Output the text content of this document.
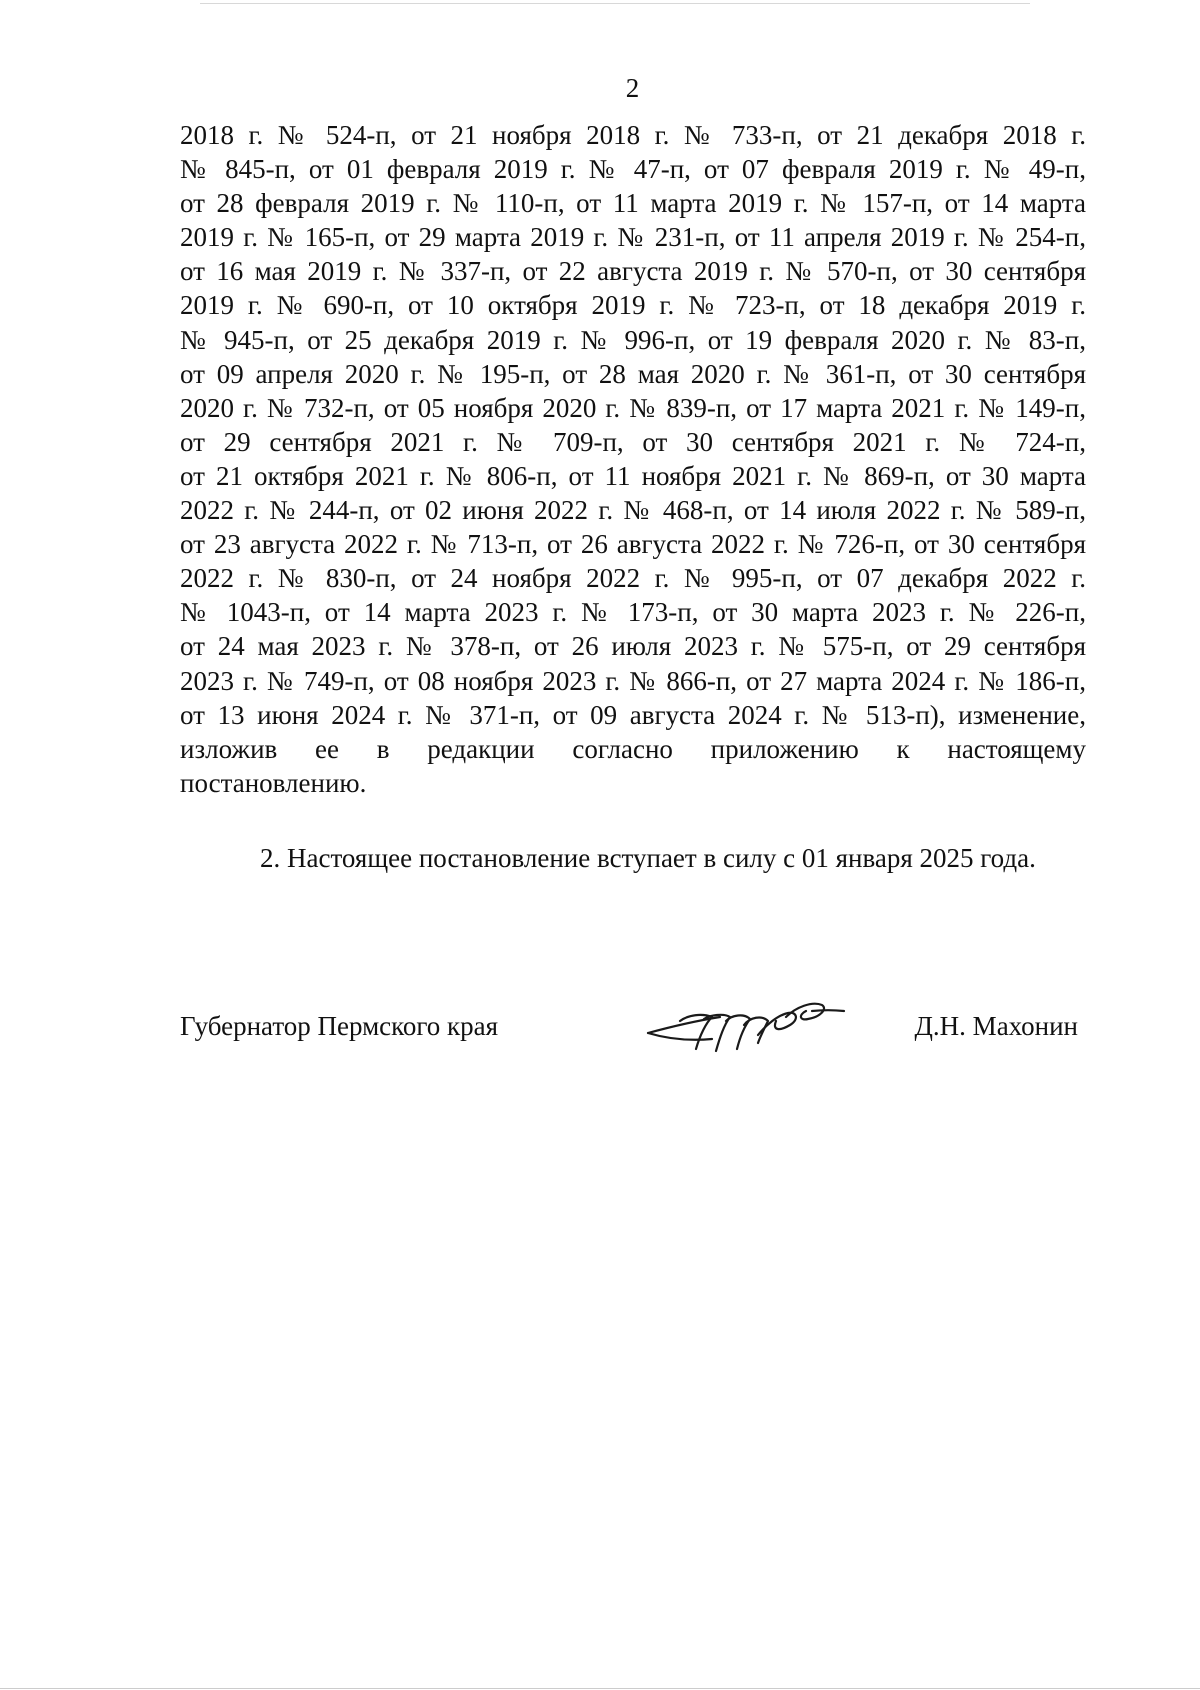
2
2018 г. № 524-п, от 21 ноября 2018 г. № 733-п, от 21 декабря 2018 г.
№ 845-п, от 01 февраля 2019 г. № 47-п, от 07 февраля 2019 г. № 49-п,
от 28 февраля 2019 г. № 110-п, от 11 марта 2019 г. № 157-п, от 14 марта
2019 г. № 165-п, от 29 марта 2019 г. № 231-п, от 11 апреля 2019 г. № 254-п,
от 16 мая 2019 г. № 337-п, от 22 августа 2019 г. № 570-п, от 30 сентября
2019 г. № 690-п, от 10 октября 2019 г. № 723-п, от 18 декабря 2019 г.
№ 945-п, от 25 декабря 2019 г. № 996-п, от 19 февраля 2020 г. № 83-п,
от 09 апреля 2020 г. № 195-п, от 28 мая 2020 г. № 361-п, от 30 сентября
2020 г. № 732-п, от 05 ноября 2020 г. № 839-п, от 17 марта 2021 г. № 149-п,
от 29 сентября 2021 г. № 709-п, от 30 сентября 2021 г. № 724-п,
от 21 октября 2021 г. № 806-п, от 11 ноября 2021 г. № 869-п, от 30 марта
2022 г. № 244-п, от 02 июня 2022 г. № 468-п, от 14 июля 2022 г. № 589-п,
от 23 августа 2022 г. № 713-п, от 26 августа 2022 г. № 726-п, от 30 сентября
2022 г. № 830-п, от 24 ноября 2022 г. № 995-п, от 07 декабря 2022 г.
№ 1043-п, от 14 марта 2023 г. № 173-п, от 30 марта 2023 г. № 226-п,
от 24 мая 2023 г. № 378-п, от 26 июля 2023 г. № 575-п, от 29 сентября
2023 г. № 749-п, от 08 ноября 2023 г. № 866-п, от 27 марта 2024 г. № 186-п,
от 13 июня 2024 г. № 371-п, от 09 августа 2024 г. № 513-п), изменение,
изложив ее в редакции согласно приложению к настоящему
постановлению.
2. Настоящее постановление вступает в силу с 01 января 2025 года.
Губернатор Пермского края	Д.Н. Махонин
